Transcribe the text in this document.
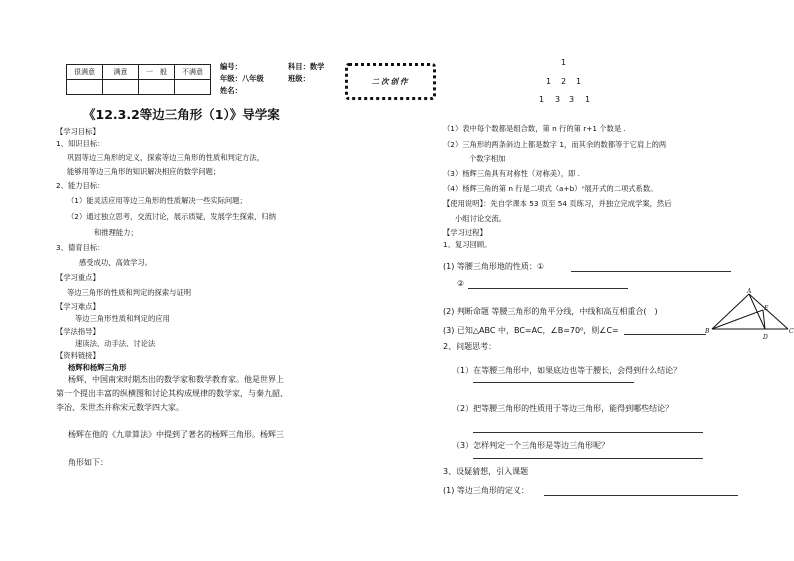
很满意	满意	一　般	不满意

编号：	科目：数学
年级：八年级	班级：
姓名：
二次创作
《12.3.2等边三角形（1）》导学案
【学习目标】
1、知识目标：
巩固等边三角形的定义，探索等边三角形的性质和判定方法，
能够用等边三角形的知识解决相应的数学问题；
2、能力目标：
（1）能灵活应用等边三角形的性质解决一些实际问题；
（2）通过独立思考，交流讨论，展示质疑，发展学生探索，归纳
和推理能力；
3、德育目标：
感受成功，高效学习。
【学习重点】
等边三角形的性质和判定的探索与证明
【学习难点】
等边三角形性质和判定的应用
【学法指导】
速读法、动手法、讨论法
【资料链接】
杨辉和杨辉三角形
杨辉，中国南宋时期杰出的数学家和数学教育家。他是世界上
第一个提出丰富的纵横图和讨论其构成规律的数学家，与秦九韶、
李冶、朱世杰并称宋元数学四大家。
杨辉在他的《九章算法》中提到了著名的杨辉三角形。杨辉三
角形如下：
1
1 2 1
1 3 3 1
（1）表中每个数都是组合数，第 n 行的第 r+1 个数是 .
（2）三角形的两条斜边上都是数字 1，而其余的数都等于它肩上的两
个数字相加
（3）杨辉三角具有对称性（对称美），即 .
（4）杨辉三角的第 n 行是二项式（a+b）ⁿ展开式的二项式系数。
【使用说明】：先自学课本 53 页至 54 页练习，并独立完成学案，然后
小组讨论交流。
【学习过程】
1、复习回顾。
(1) 等腰三角形地的性质：①
②
(2) 判断命题 等腰三角形的角平分线，中线和高互相重合(　)
(3) 已知△ABC 中，BC=AC，∠B=70⁰，则∠C=
2、问题思考：
（1）在等腰三角形中，如果底边也等于腰长，会得到什么结论？
（2）把等腰三角形的性质用于等边三角形，能得到哪些结论？
（3）怎样判定一个三角形是等边三角形呢？
3、设疑猜想，引入课题
(1) 等边三角形的定义：
A
E
B
D
C
